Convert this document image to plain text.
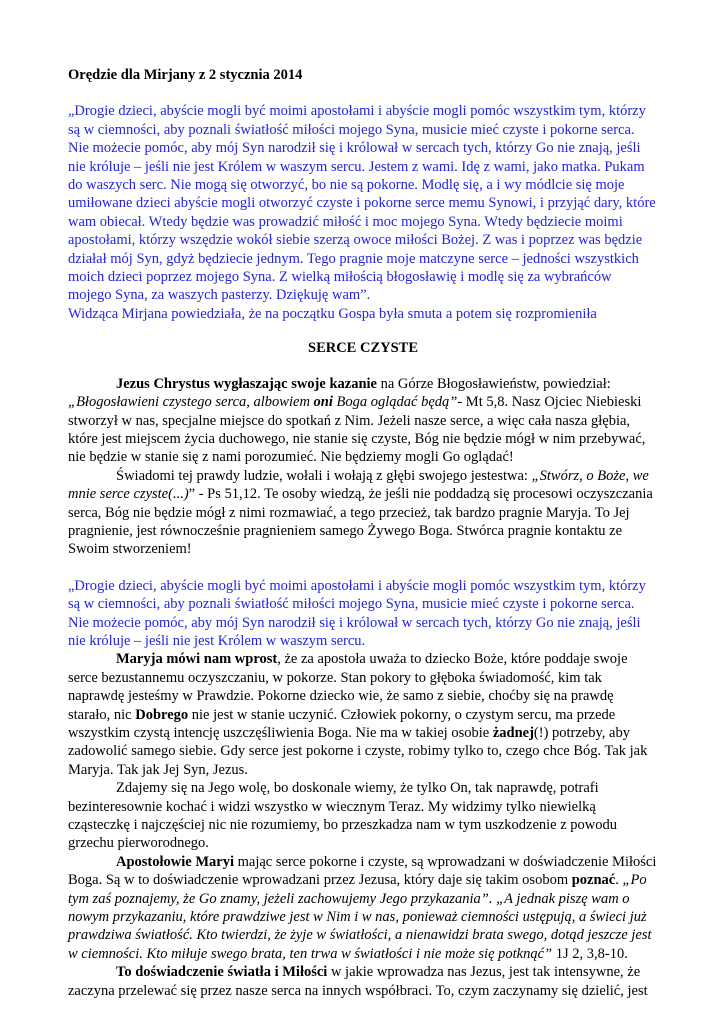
Orędzie dla Mirjany z 2 stycznia 2014

„Drogie dzieci, abyście mogli być moimi apostołami i abyście mogli pomóc wszystkim tym, którzy są w ciemności, aby poznali światłość miłości mojego Syna, musicie mieć czyste i pokorne serca. Nie możecie pomóc, aby mój Syn narodził się i królował w sercach tych, którzy Go nie znają, jeśli nie króluje – jeśli nie jest Królem w waszym sercu. Jestem z wami. Idę z wami, jako matka. Pukam do waszych serc. Nie mogą się otworzyć, bo nie są pokorne. Modlę się, a i wy módlcie się moje umiłowane dzieci abyście mogli otworzyć czyste i pokorne serce memu Synowi, i przyjąć dary, które wam obiecał. Wtedy będzie was prowadzić miłość i moc mojego Syna. Wtedy będziecie moimi apostołami, którzy wszędzie wokół siebie szerzą owoce miłości Bożej. Z was i poprzez was będzie działał mój Syn, gdyż będziecie jednym. Tego pragnie moje matczyne serce – jedności wszystkich moich dzieci poprzez mojego Syna. Z wielką miłością błogosławię i modlę się za wybrańców mojego Syna, za waszych pasterzy. Dziękuję wam”.

Widząca Mirjana powiedziała, że na początku Gospa była smuta a potem się rozpromieniła

SERCE CZYSTE

Jezus Chrystus wygłaszając swoje kazanie na Górze Błogosławieństw, powiedział: „Błogosławieni czystego serca, albowiem oni Boga oglądać będą”- Mt 5,8. Nasz Ojciec Niebieski stworzył w nas, specjalne miejsce do spotkań z Nim. Jeżeli nasze serce, a więc cała nasza głębia, które jest miejscem życia duchowego, nie stanie się czyste, Bóg nie będzie mógł w nim przebywać, nie będzie w stanie się z nami porozumieć. Nie będziemy mogli Go oglądać!

Świadomi tej prawdy ludzie, wołali i wołają z głębi swojego jestestwa: „Stwórz, o Boże, we mnie serce czyste(...)” - Ps 51,12. Te osoby wiedzą, że jeśli nie poddadzą się procesowi oczyszczania serca, Bóg nie będzie mógł z nimi rozmawiać, a tego przecież, tak bardzo pragnie Maryja. To Jej pragnienie, jest równocześnie pragnieniem samego Żywego Boga. Stwórca pragnie kontaktu ze Swoim stworzeniem!

„Drogie dzieci, abyście mogli być moimi apostołami i abyście mogli pomóc wszystkim tym, którzy są w ciemności, aby poznali światłość miłości mojego Syna, musicie mieć czyste i pokorne serca. Nie możecie pomóc, aby mój Syn narodził się i królował w sercach tych, którzy Go nie znają, jeśli nie króluje – jeśli nie jest Królem w waszym sercu.

Maryja mówi nam wprost, że za apostoła uważa to dziecko Boże, które poddaje swoje serce bezustannemu oczyszczaniu, w pokorze. Stan pokory to głęboka świadomość, kim tak naprawdę jesteśmy w Prawdzie. Pokorne dziecko wie, że samo z siebie, choćby się na prawdę starało, nic Dobrego nie jest w stanie uczynić. Człowiek pokorny, o czystym sercu, ma przede wszystkim czystą intencję uszczęśliwienia Boga. Nie ma w takiej osobie żadnej(!) potrzeby, aby zadowolić samego siebie. Gdy serce jest pokorne i czyste, robimy tylko to, czego chce Bóg. Tak jak Maryja. Tak jak Jej Syn, Jezus.

Zdajemy się na Jego wolę, bo doskonale wiemy, że tylko On, tak naprawdę, potrafi bezinteresownie kochać i widzi wszystko w wiecznym Teraz. My widzimy tylko niewielką cząsteczkę i najczęściej nic nie rozumiemy, bo przeszkadza nam w tym uszkodzenie z powodu grzechu pierworodnego.

Apostołowie Maryi mając serce pokorne i czyste, są wprowadzani w doświadczenie Miłości Boga. Są w to doświadczenie wprowadzani przez Jezusa, który daje się takim osobom poznać. „Po tym zaś poznajemy, że Go znamy, jeżeli zachowujemy Jego przykazania”. „A jednak piszę wam o nowym przykazaniu, które prawdziwe jest w Nim i w nas, ponieważ ciemności ustępują, a świeci już prawdziwa światłość. Kto twierdzi, że żyje w światłości, a nienawidzi brata swego, dotąd jeszcze jest w ciemności. Kto miłuje swego brata, ten trwa w światłości i nie może się potknąć” 1J 2, 3,8-10.

To doświadczenie światła i Miłości w jakie wprowadza nas Jezus, jest tak intensywne, że zaczyna przelewać się przez nasze serca na innych współbraci. To, czym zaczynamy się dzielić, jest
